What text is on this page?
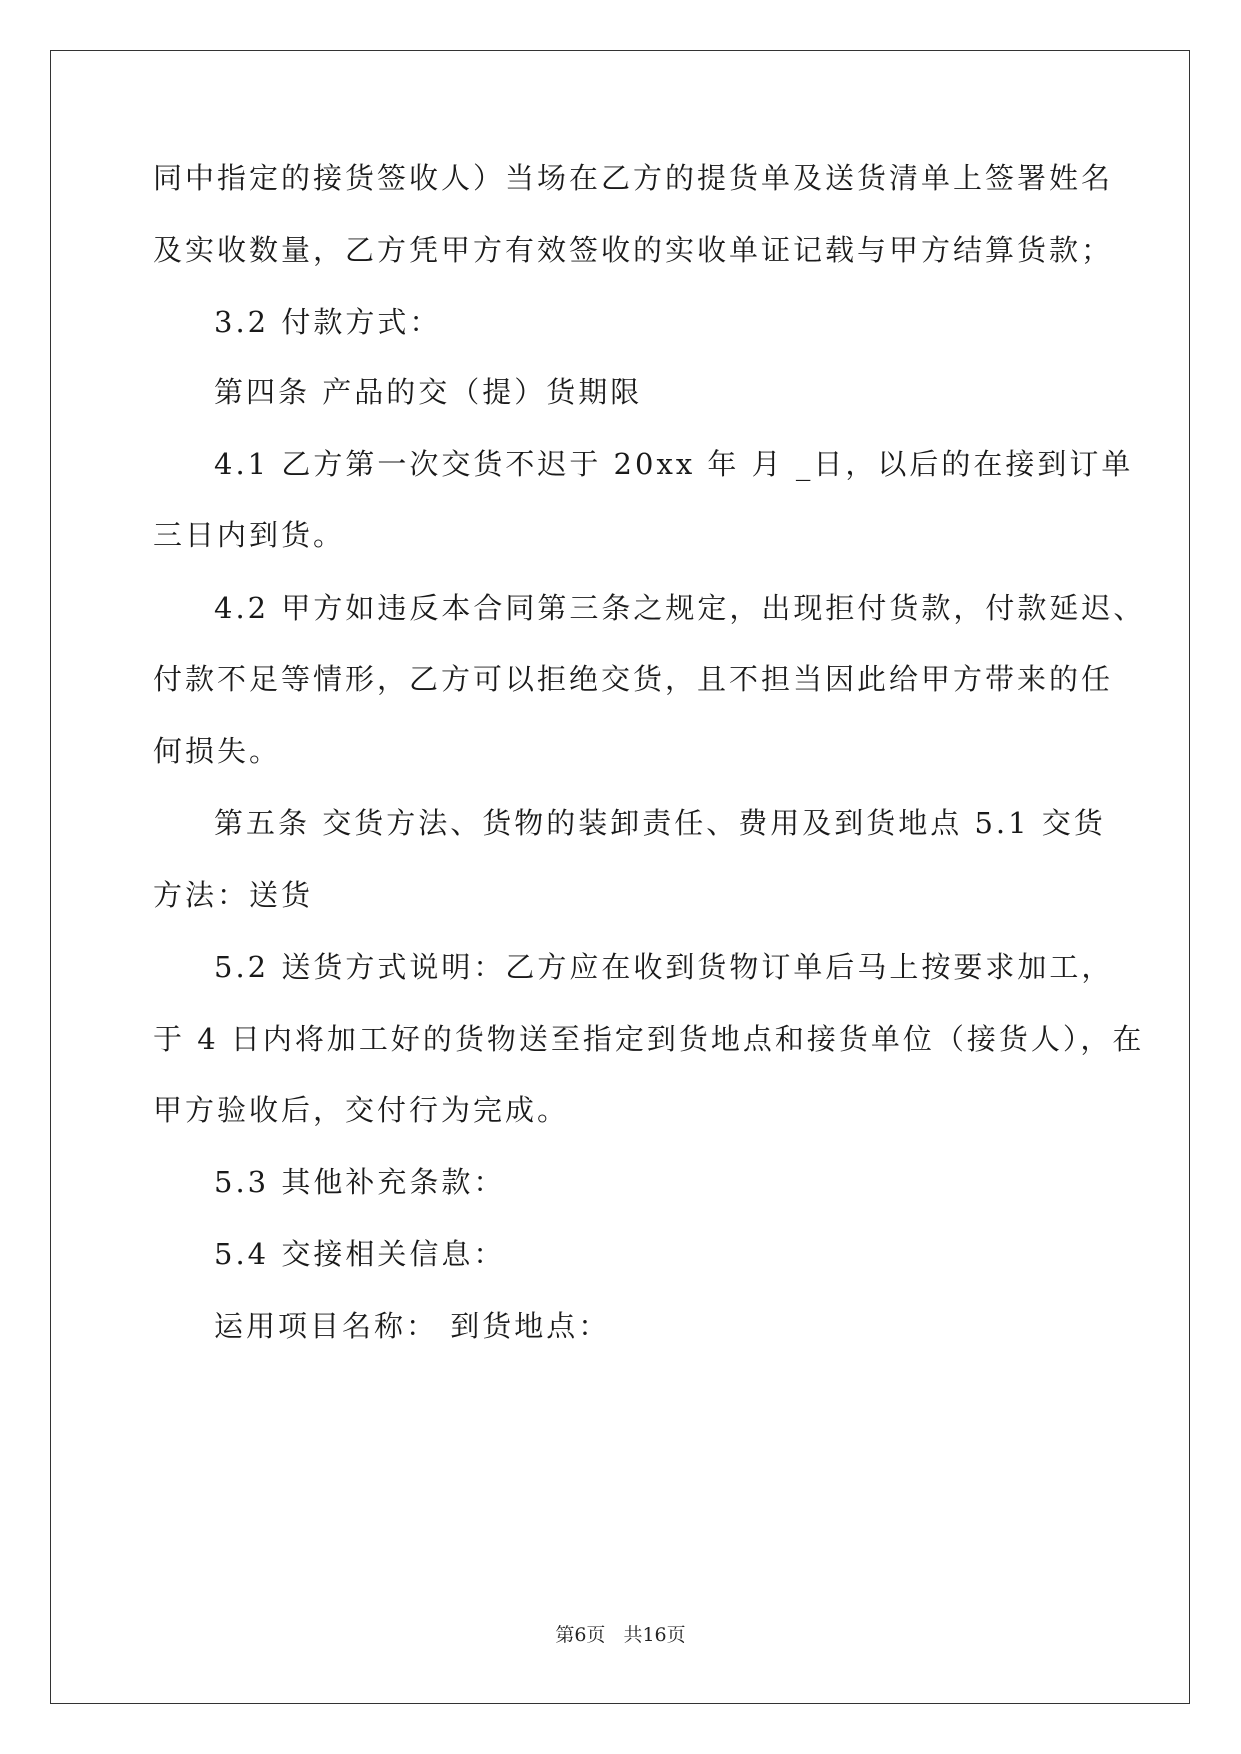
同中指定的接货签收人）当场在乙方的提货单及送货清单上签署姓名
及实收数量，乙方凭甲方有效签收的实收单证记载与甲方结算货款；
3.2 付款方式：
第四条 产品的交（提）货期限
4.1 乙方第一次交货不迟于 20xx 年 月 _日，以后的在接到订单
三日内到货。
4.2 甲方如违反本合同第三条之规定，出现拒付货款，付款延迟、
付款不足等情形，乙方可以拒绝交货，且不担当因此给甲方带来的任
何损失。
第五条 交货方法、货物的装卸责任、费用及到货地点 5.1 交货
方法：送货
5.2 送货方式说明：乙方应在收到货物订单后马上按要求加工，
于 4 日内将加工好的货物送至指定到货地点和接货单位（接货人），在
甲方验收后，交付行为完成。
5.3 其他补充条款：
5.4 交接相关信息：
运用项目名称： 到货地点：
第6页 共16页
